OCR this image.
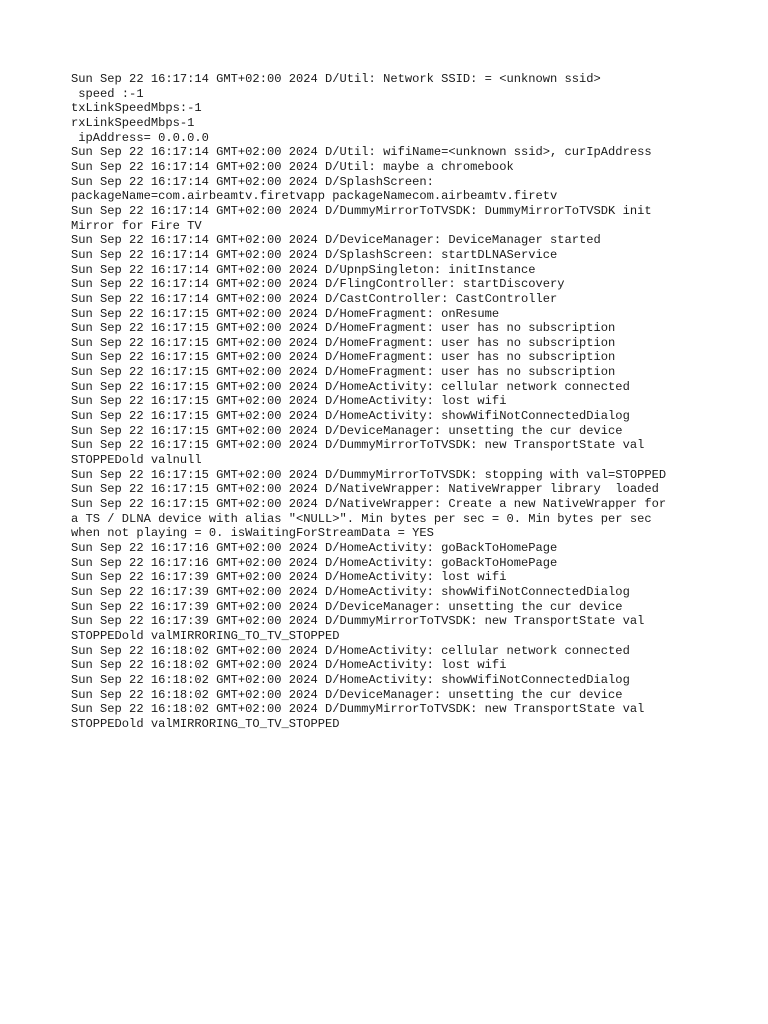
Sun Sep 22 16:17:14 GMT+02:00 2024 D/Util: Network SSID: = <unknown ssid>

speed :-1

txLinkSpeedMbps:-1

rxLinkSpeedMbps-1

ipAddress= 0.0.0.0

Sun Sep 22 16:17:14 GMT+02:00 2024 D/Util: wifiName=<unknown ssid>, curIpAddress

Sun Sep 22 16:17:14 GMT+02:00 2024 D/Util: maybe a chromebook

Sun Sep 22 16:17:14 GMT+02:00 2024 D/SplashScreen:

packageName=com.airbeamtv.firetvapp packageNamecom.airbeamtv.firetv

Sun Sep 22 16:17:14 GMT+02:00 2024 D/DummyMirrorToTVSDK: DummyMirrorToTVSDK init

Mirror for Fire TV

Sun Sep 22 16:17:14 GMT+02:00 2024 D/DeviceManager: DeviceManager started

Sun Sep 22 16:17:14 GMT+02:00 2024 D/SplashScreen: startDLNAService

Sun Sep 22 16:17:14 GMT+02:00 2024 D/UpnpSingleton: initInstance

Sun Sep 22 16:17:14 GMT+02:00 2024 D/FlingController: startDiscovery

Sun Sep 22 16:17:14 GMT+02:00 2024 D/CastController: CastController

Sun Sep 22 16:17:15 GMT+02:00 2024 D/HomeFragment: onResume

Sun Sep 22 16:17:15 GMT+02:00 2024 D/HomeFragment: user has no subscription

Sun Sep 22 16:17:15 GMT+02:00 2024 D/HomeFragment: user has no subscription

Sun Sep 22 16:17:15 GMT+02:00 2024 D/HomeFragment: user has no subscription

Sun Sep 22 16:17:15 GMT+02:00 2024 D/HomeFragment: user has no subscription

Sun Sep 22 16:17:15 GMT+02:00 2024 D/HomeActivity: cellular network connected

Sun Sep 22 16:17:15 GMT+02:00 2024 D/HomeActivity: lost wifi

Sun Sep 22 16:17:15 GMT+02:00 2024 D/HomeActivity: showWifiNotConnectedDialog

Sun Sep 22 16:17:15 GMT+02:00 2024 D/DeviceManager: unsetting the cur device

Sun Sep 22 16:17:15 GMT+02:00 2024 D/DummyMirrorToTVSDK: new TransportState val

STOPPEDold valnull

Sun Sep 22 16:17:15 GMT+02:00 2024 D/DummyMirrorToTVSDK: stopping with val=STOPPED

Sun Sep 22 16:17:15 GMT+02:00 2024 D/NativeWrapper: NativeWrapper library  loaded

Sun Sep 22 16:17:15 GMT+02:00 2024 D/NativeWrapper: Create a new NativeWrapper for

a TS / DLNA device with alias "<NULL>". Min bytes per sec = 0. Min bytes per sec

when not playing = 0. isWaitingForStreamData = YES

Sun Sep 22 16:17:16 GMT+02:00 2024 D/HomeActivity: goBackToHomePage

Sun Sep 22 16:17:16 GMT+02:00 2024 D/HomeActivity: goBackToHomePage

Sun Sep 22 16:17:39 GMT+02:00 2024 D/HomeActivity: lost wifi

Sun Sep 22 16:17:39 GMT+02:00 2024 D/HomeActivity: showWifiNotConnectedDialog

Sun Sep 22 16:17:39 GMT+02:00 2024 D/DeviceManager: unsetting the cur device

Sun Sep 22 16:17:39 GMT+02:00 2024 D/DummyMirrorToTVSDK: new TransportState val

STOPPEDold valMIRRORING_TO_TV_STOPPED

Sun Sep 22 16:18:02 GMT+02:00 2024 D/HomeActivity: cellular network connected

Sun Sep 22 16:18:02 GMT+02:00 2024 D/HomeActivity: lost wifi

Sun Sep 22 16:18:02 GMT+02:00 2024 D/HomeActivity: showWifiNotConnectedDialog

Sun Sep 22 16:18:02 GMT+02:00 2024 D/DeviceManager: unsetting the cur device

Sun Sep 22 16:18:02 GMT+02:00 2024 D/DummyMirrorToTVSDK: new TransportState val

STOPPEDold valMIRRORING_TO_TV_STOPPED
